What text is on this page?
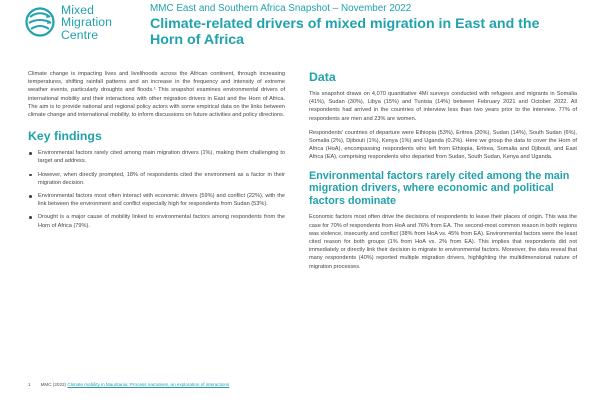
Mixed
Migration
Centre
MMC East and Southern Africa Snapshot – November 2022
Climate-related drivers of mixed migration in East and the Horn of Africa

Climate change is impacting lives and livelihoods across the African continent, through increasing temperatures, shifting rainfall patterns and an increase in the frequency and intensity of extreme weather events, particularly droughts and floods.¹ This snapshot examines environmental drivers of international mobility and their interactions with other migration drivers in East and the Horn of Africa. The aim is to provide national and regional policy actors with some empirical data on the links between climate change and international mobility, to inform discussions on future activities and policy directions.

Key findings
Environmental factors rarely cited among main migration drivers (1%), making them challenging to target and address.
However, when directly prompted, 18% of respondents cited the environment as a factor in their migration decision.
Environmental factors most often interact with economic drivers (59%) and conflict (22%), with the link between the environment and conflict especially high for respondents from Sudan (53%).
Drought is a major cause of mobility linked to environmental factors among respondents from the Horn of Africa (79%).
Data

This snapshot draws on 4,070 quantitative 4Mi surveys conducted with refugees and migrants in Somalia (41%), Sudan (30%), Libya (15%) and Tunisia (14%) between February 2021 and October 2022. All respondents had arrived in the countries of interview less than two years prior to the interview. 77% of respondents are men and 23% are women.

Respondents' countries of departure were Ethiopia (53%), Eritrea (20%), Sudan (14%), South Sudan (6%), Somalia (2%), Djibouti (1%), Kenya (1%) and Uganda (0.2%). Here we group the data to cover the Horn of Africa (HoA), encompassing respondents who left from Ethiopia, Eritrea, Somalia and Djibouti, and East Africa (EA), comprising respondents who departed from Sudan, South Sudan, Kenya and Uganda.

Environmental factors rarely cited among the main migration drivers, where economic and political factors dominate

Economic factors most often drive the decisions of respondents to leave their places of origin. This was the case for 70% of respondents from HoA and 76% from EA. The second-most common reason in both regions was violence, insecurity and conflict (38% from HoA vs. 45% from EA). Environmental factors were the least cited reason for both groups (1% from HoA vs. 2% from EA). This implies that respondents did not immediately or directly link their decision to migrate to environmental factors. Moreover, the data reveal that many respondents (40%) reported multiple migration drivers, highlighting the multidimensional nature of migration processes.

1 MMC (2022) Climate mobility in Mauritania: Process narratives, an exploration of interactions
